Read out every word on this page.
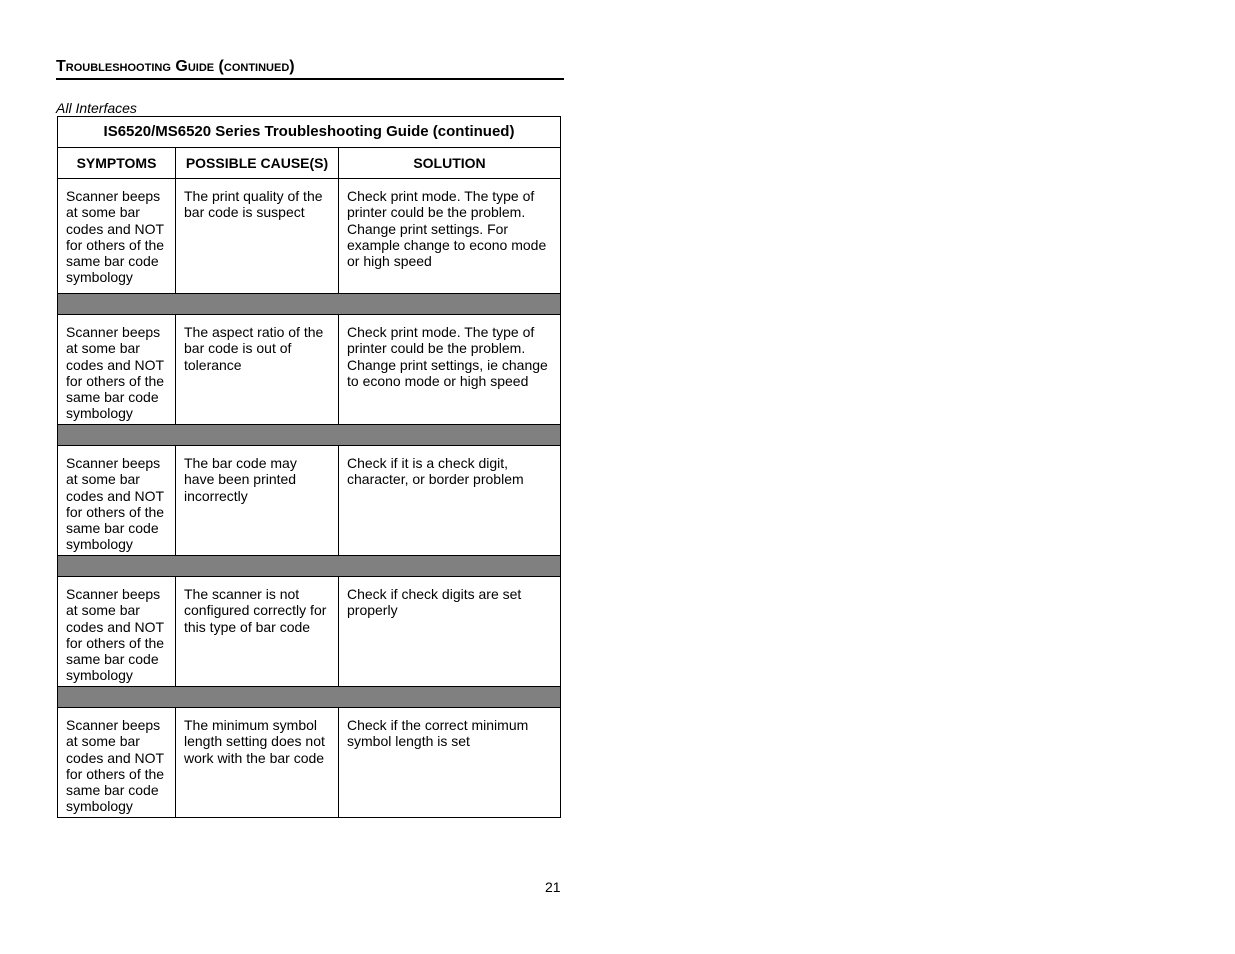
Troubleshooting Guide (continued)
All Interfaces
IS6520/MS6520 Series Troubleshooting Guide (continued)		
SYMPTOMS	POSSIBLE CAUSE(S)	SOLUTION
Scanner beeps at some bar codes and NOT for others of the same bar code symbology	The print quality of the bar code is suspect	Check print mode. The type of printer could be the problem. Change print settings. For example change to econo mode or high speed

Scanner beeps at some bar codes and NOT for others of the same bar code symbology	The aspect ratio of the bar code is out of tolerance	Check print mode. The type of printer could be the problem. Change print settings, ie change to econo mode or high speed

Scanner beeps at some bar codes and NOT for others of the same bar code symbology	The bar code may have been printed incorrectly	Check if it is a check digit, character, or border problem

Scanner beeps at some bar codes and NOT for others of the same bar code symbology	The scanner is not configured correctly for this type of bar code	Check if check digits are set properly

Scanner beeps at some bar codes and NOT for others of the same bar code symbology	The minimum symbol length setting does not work with the bar code	Check if the correct minimum symbol length is set
21
